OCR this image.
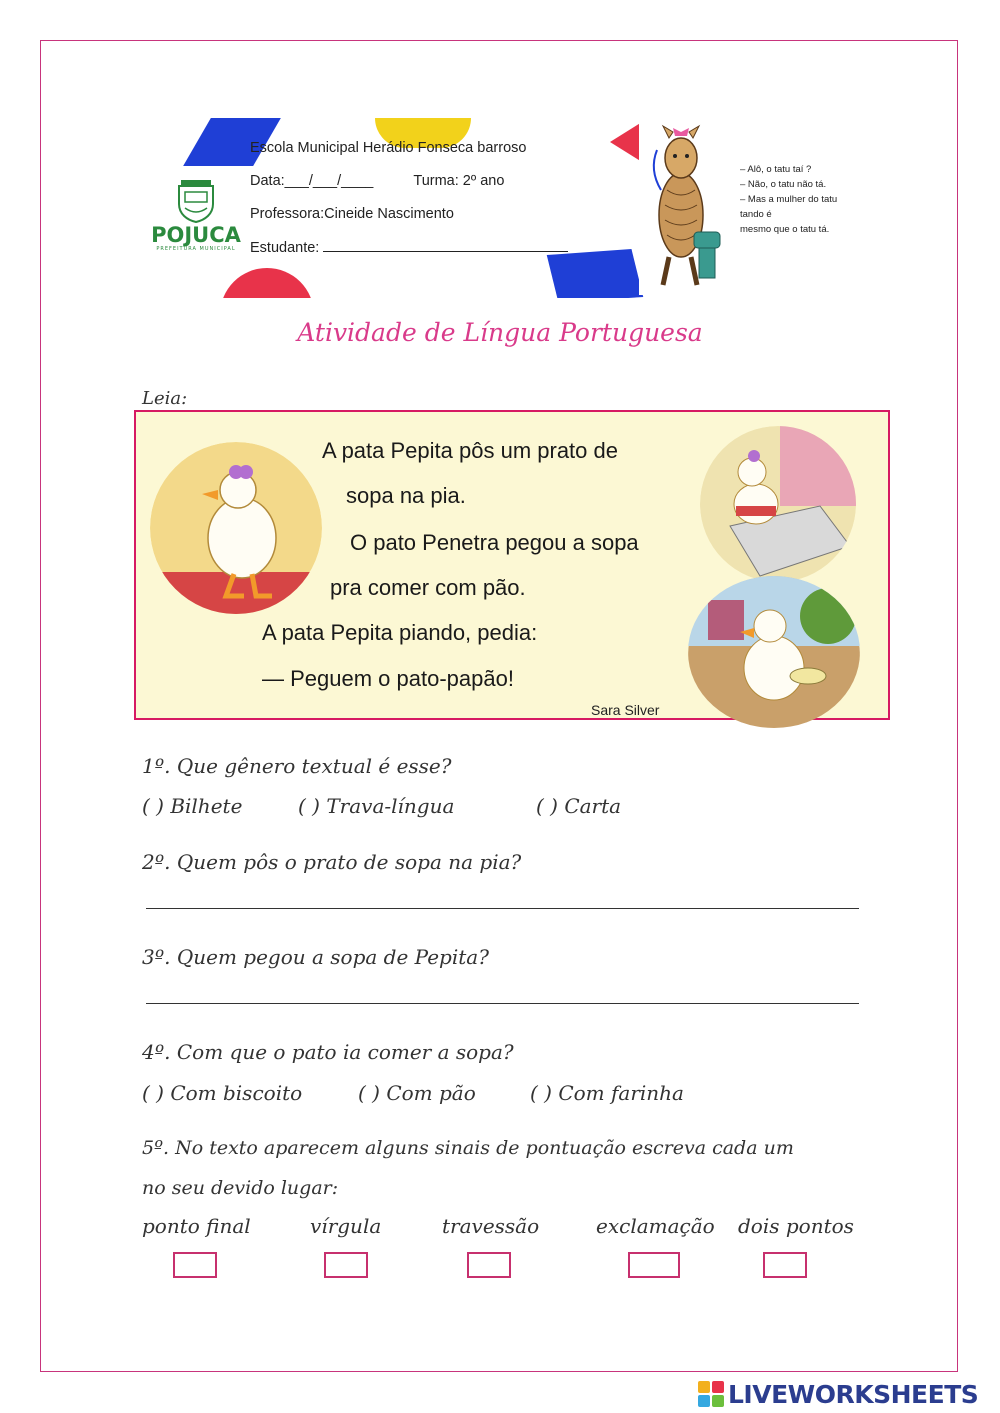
POJUCA
PREFEITURA MUNICIPAL
Escola Municipal Herádio Fonseca barroso
Data:___/___/____	Turma: 2º ano
Professora:Cineide Nascimento
Estudante:
– Alô, o tatu taí ?
– Não, o tatu não tá.
– Mas a mulher do tatu tando é
mesmo que o tatu tá.
Atividade de Língua Portuguesa
Leia:
A pata Pepita pôs um prato de
sopa na pia.
O pato Penetra pegou a sopa
pra comer com pão.
A pata Pepita piando, pedia:
— Peguem o pato-papão!
Sara Silver
1º. Que gênero textual é esse?
( ) Bilhete	( ) Trava-língua	( ) Carta
2º. Quem pôs o prato de sopa na pia?
3º. Quem pegou a sopa de Pepita?
4º. Com que o pato ia comer a sopa?
( ) Com biscoito	( ) Com pão	( ) Com farinha
5º. No texto aparecem alguns sinais de pontuação escreva cada um
no seu devido lugar:
ponto final	vírgula	travessão	exclamação dois pontos
LIVEWORKSHEETS
